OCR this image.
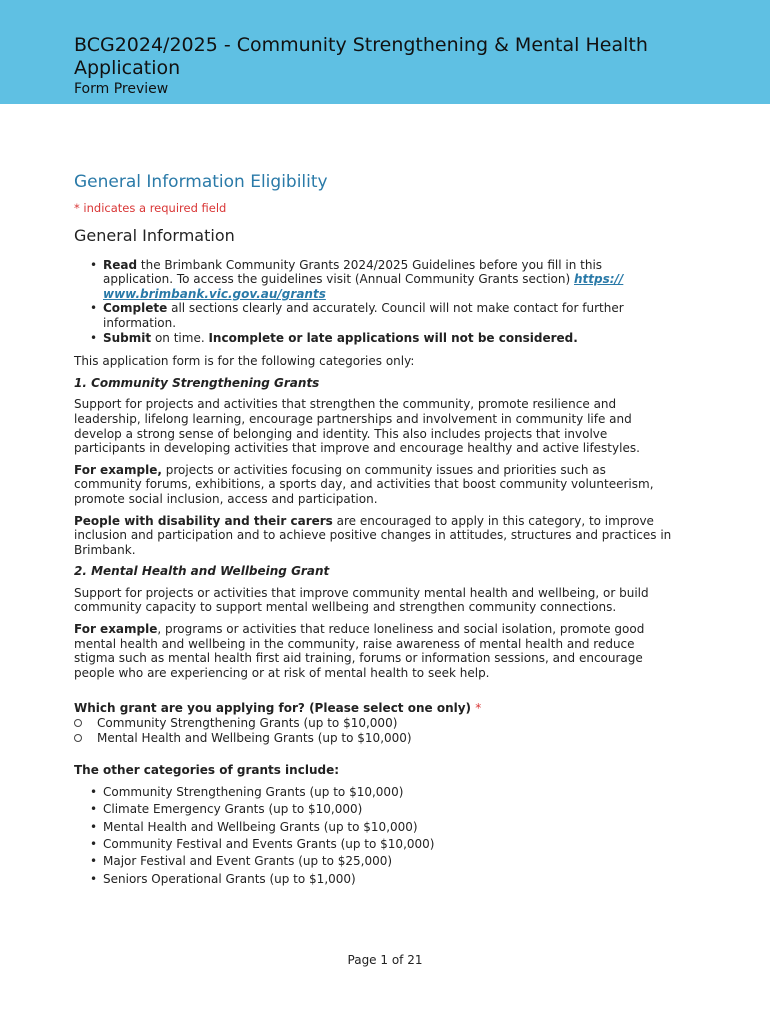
BCG2024/2025 - Community Strengthening & Mental Health Application
Form Preview
General Information Eligibility
* indicates a required field
General Information
• Read the Brimbank Community Grants 2024/2025 Guidelines before you fill in this application. To access the guidelines visit (Annual Community Grants section) https:// www.brimbank.vic.gov.au/grants
• Complete all sections clearly and accurately. Council will not make contact for further information.
• Submit on time. Incomplete or late applications will not be considered.

This application form is for the following categories only:

1. Community Strengthening Grants

Support for projects and activities that strengthen the community, promote resilience and leadership, lifelong learning, encourage partnerships and involvement in community life and develop a strong sense of belonging and identity. This also includes projects that involve participants in developing activities that improve and encourage healthy and active lifestyles.

For example, projects or activities focusing on community issues and priorities such as community forums, exhibitions, a sports day, and activities that boost community volunteerism, promote social inclusion, access and participation.

People with disability and their carers are encouraged to apply in this category, to improve inclusion and participation and to achieve positive changes in attitudes, structures and practices in Brimbank.

2. Mental Health and Wellbeing Grant

Support for projects or activities that improve community mental health and wellbeing, or build community capacity to support mental wellbeing and strengthen community connections.

For example, programs or activities that reduce loneliness and social isolation, promote good mental health and wellbeing in the community, raise awareness of mental health and reduce stigma such as mental health first aid training, forums or information sessions, and encourage people who are experiencing or at risk of mental health to seek help.

Which grant are you applying for? (Please select one only) *
Community Strengthening Grants (up to $10,000)
Mental Health and Wellbeing Grants (up to $10,000)
The other categories of grants include:
• Community Strengthening Grants (up to $10,000)
• Climate Emergency Grants (up to $10,000)
• Mental Health and Wellbeing Grants (up to $10,000)
• Community Festival and Events Grants (up to $10,000)
• Major Festival and Event Grants (up to $25,000)
• Seniors Operational Grants (up to $1,000)
Page 1 of 21
